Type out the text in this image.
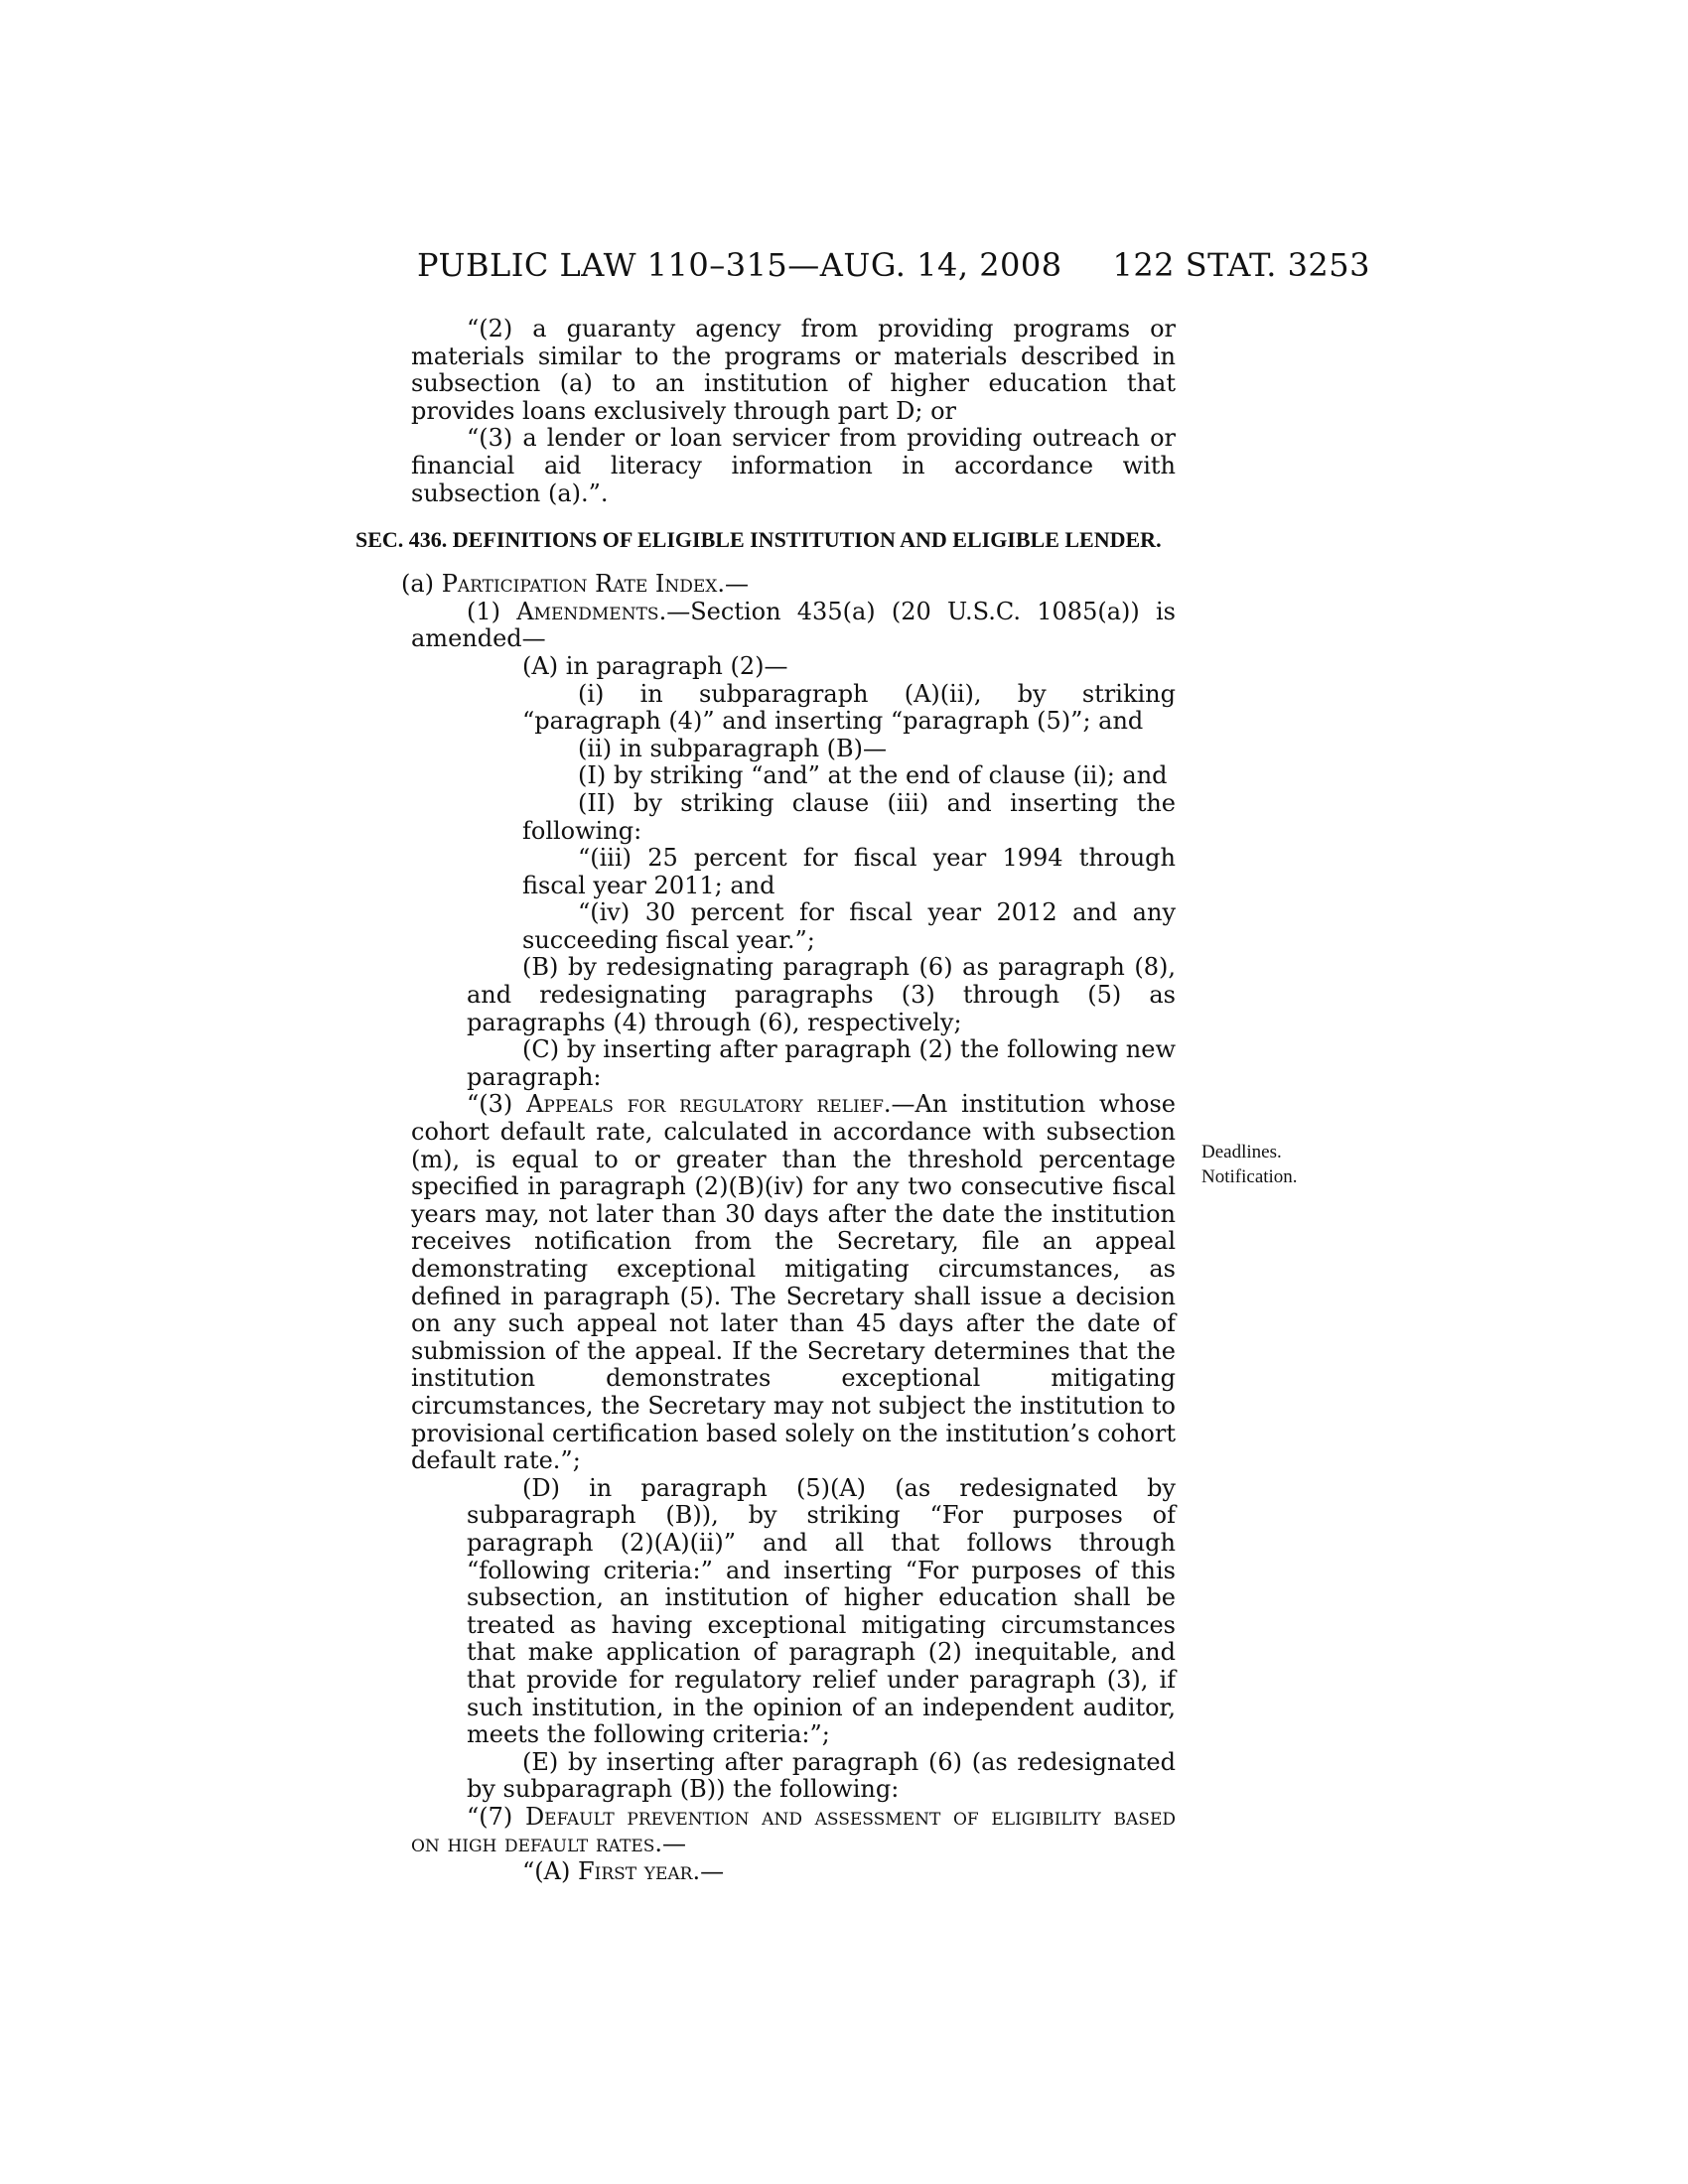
PUBLIC LAW 110–315—AUG. 14, 2008 122 STAT. 3253

“(2) a guaranty agency from providing programs or materials similar to the programs or materials described in subsection (a) to an institution of higher education that provides loans exclusively through part D; or

“(3) a lender or loan servicer from providing outreach or financial aid literacy information in accordance with subsection (a).”.

SEC. 436. DEFINITIONS OF ELIGIBLE INSTITUTION AND ELIGIBLE LENDER.

(a) Participation Rate Index.—

(1) Amendments.—Section 435(a) (20 U.S.C. 1085(a)) is amended—

(A) in paragraph (2)—

(i) in subparagraph (A)(ii), by striking “paragraph (4)” and inserting “paragraph (5)”; and

(ii) in subparagraph (B)—

(I) by striking “and” at the end of clause (ii); and

(II) by striking clause (iii) and inserting the following:

“(iii) 25 percent for fiscal year 1994 through fiscal year 2011; and

“(iv) 30 percent for fiscal year 2012 and any succeeding fiscal year.”;

(B) by redesignating paragraph (6) as paragraph (8), and redesignating paragraphs (3) through (5) as paragraphs (4) through (6), respectively;

(C) by inserting after paragraph (2) the following new paragraph:

“(3) Appeals for regulatory relief.—An institution whose cohort default rate, calculated in accordance with subsection (m), is equal to or greater than the threshold percentage specified in paragraph (2)(B)(iv) for any two consecutive fiscal years may, not later than 30 days after the date the institution receives notification from the Secretary, file an appeal demonstrating exceptional mitigating circumstances, as defined in paragraph (5). The Secretary shall issue a decision on any such appeal not later than 45 days after the date of submission of the appeal. If the Secretary determines that the institution demonstrates exceptional mitigating circumstances, the Secretary may not subject the institution to provisional certification based solely on the institution’s cohort default rate.”;

(D) in paragraph (5)(A) (as redesignated by subparagraph (B)), by striking “For purposes of paragraph (2)(A)(ii)” and all that follows through “following criteria:” and inserting “For purposes of this subsection, an institution of higher education shall be treated as having exceptional mitigating circumstances that make application of paragraph (2) inequitable, and that provide for regulatory relief under paragraph (3), if such institution, in the opinion of an independent auditor, meets the following criteria:”;

(E) by inserting after paragraph (6) (as redesignated by subparagraph (B)) the following:

“(7) Default prevention and assessment of eligibility based on high default rates.—

“(A) First year.—

Deadlines.
Notification.
